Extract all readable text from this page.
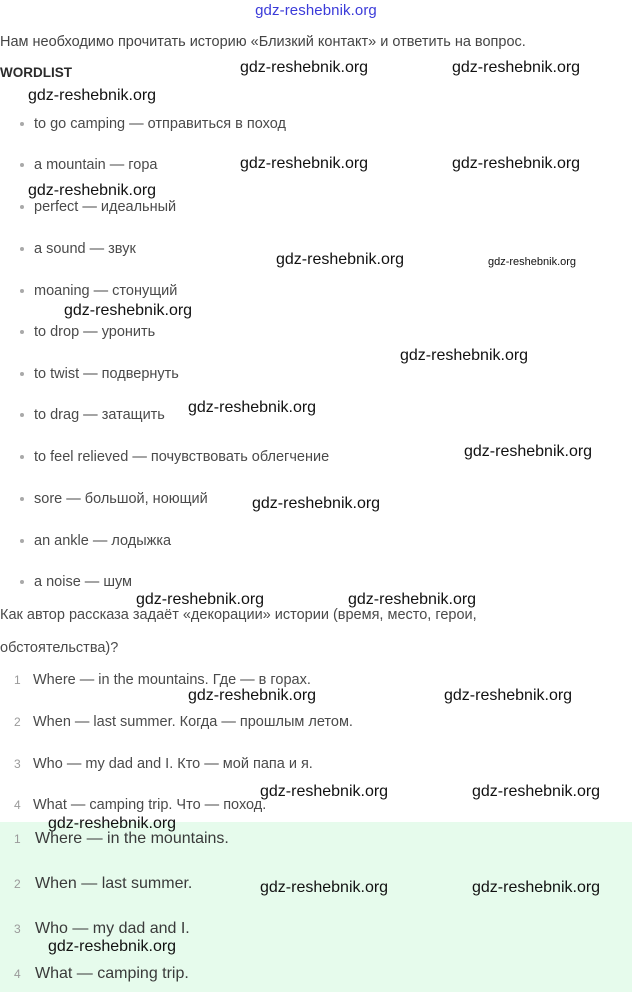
gdz-reshebnik.org
Нам необходимо прочитать историю «Близкий контакт» и ответить на вопрос.
WORDLIST
to go camping — отправиться в поход
a mountain — гора
perfect — идеальный
a sound — звук
moaning — стонущий
to drop — уронить
to twist — подвернуть
to drag — затащить
to feel relieved — почувствовать облегчение
sore — большой, ноющий
an ankle — лодыжка
a noise — шум
Как автор рассказа задаёт «декорации» истории (время, место, герои,
обстоятельства)?
1 Where — in the mountains. Где — в горах.
2 When — last summer. Когда — прошлым летом.
3 Who — my dad and I. Кто — мой папа и я.
4 What — camping trip. Что — поход.
1 Where — in the mountains.
2 When — last summer.
3 Who — my dad and I.
4 What — camping trip.
gdz-reshebnik.org	gdz-reshebnik.org
gdz-reshebnik.org
gdz-reshebnik.org	gdz-reshebnik.org
gdz-reshebnik.org
gdz-reshebnik.org	gdz-reshebnik.org
gdz-reshebnik.org
gdz-reshebnik.org
gdz-reshebnik.org
gdz-reshebnik.org
gdz-reshebnik.org
gdz-reshebnik.org	gdz-reshebnik.org
gdz-reshebnik.org	gdz-reshebnik.org
gdz-reshebnik.org	gdz-reshebnik.org
gdz-reshebnik.org
gdz-reshebnik.org	gdz-reshebnik.org
gdz-reshebnik.org
